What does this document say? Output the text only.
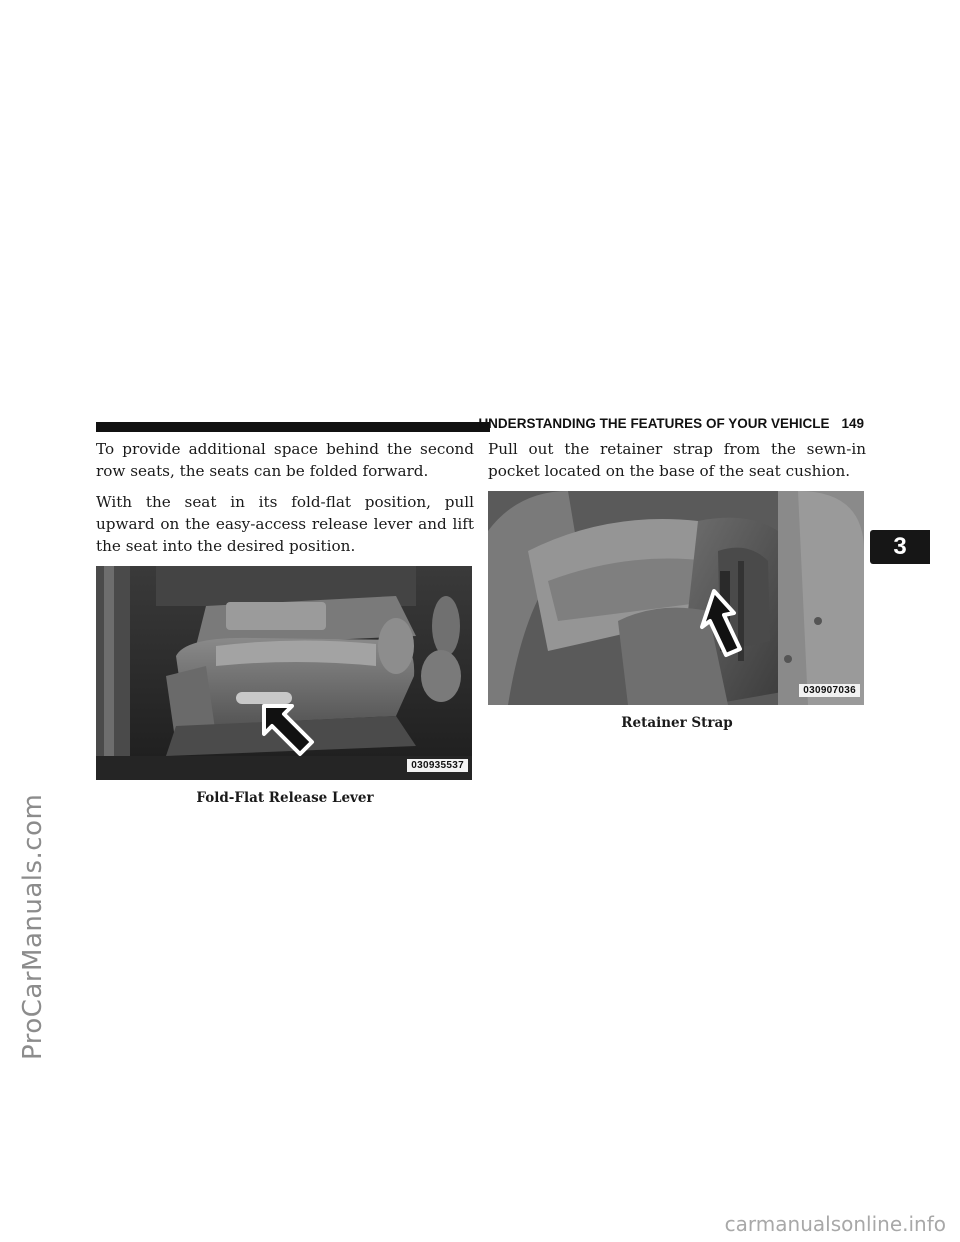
ProCarManuals.com
UNDERSTANDING THE FEATURES OF YOUR VEHICLE 149
3

To provide additional space behind the second row seats, the seats can be folded forward.

With the seat in its fold-flat position, pull upward on the easy-access release lever and lift the seat into the desired position.

030935537
Fold-Flat Release Lever

Pull out the retainer strap from the sewn-in pocket located on the base of the seat cushion.

030907036
Retainer Strap
carmanualsonline.info
